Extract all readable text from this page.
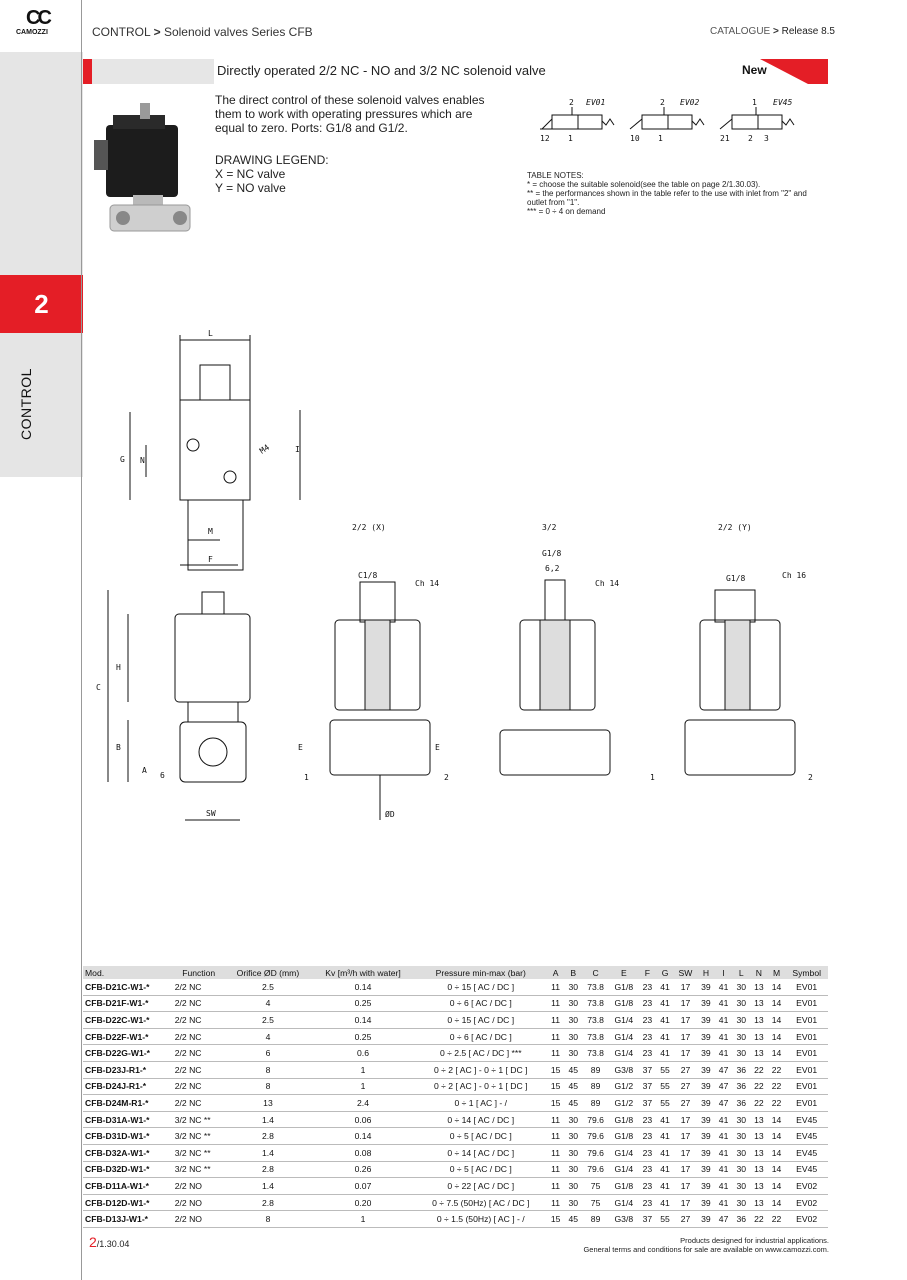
2
CONTROL
CC
CAMOZZI	CONTROL > Solenoid valves Series CFB	CATALOGUE > Release 8.5
Directly operated 2/2 NC - NO and 3/2 NC solenoid valve	New
The direct control of these solenoid valves enables them to work with operating pressures which are equal to zero. Ports: G1/8 and G1/2.
DRAWING LEGEND:
X = NC valve
Y = NO valve
2 EV01
12 1
2 EV02
10 1
1 EV45
21 2 3
TABLE NOTES:
* = choose the suitable solenoid(see the table on page 2/1.30.03).
** = the performances shown in the table refer to the use with inlet from "2" and outlet from "1".
*** = 0 ÷ 4 on demand
L
I
G N
M
F
M4
2/2 (X)	3/2	2/2 (Y)
C
H
B
A
6
SW
C1/8
Ch 14
1	2
E	E
ØD
G1/8
6,2
Ch 14
G1/8	Ch 16
1	2
Mod.	Function	Orifice ØD (mm)	Kv [m³/h with water]	Pressure min-max (bar)	A	B	C	E	F	G	SW	H	I	L	N	M	Symbol
CFB-D21C-W1-*	2/2 NC	2.5	0.14	0 ÷ 15 [ AC / DC ]	11	30	73.8	G1/8	23	41	17	39	41	30	13	14	EV01
CFB-D21F-W1-*	2/2 NC	4	0.25	0 ÷ 6 [ AC / DC ]	11	30	73.8	G1/8	23	41	17	39	41	30	13	14	EV01
CFB-D22C-W1-*	2/2 NC	2.5	0.14	0 ÷ 15 [ AC / DC ]	11	30	73.8	G1/4	23	41	17	39	41	30	13	14	EV01
CFB-D22F-W1-*	2/2 NC	4	0.25	0 ÷ 6 [ AC / DC ]	11	30	73.8	G1/4	23	41	17	39	41	30	13	14	EV01
CFB-D22G-W1-*	2/2 NC	6	0.6	0 ÷ 2.5 [ AC / DC ] ***	11	30	73.8	G1/4	23	41	17	39	41	30	13	14	EV01
CFB-D23J-R1-*	2/2 NC	8	1	0 ÷ 2 [ AC ] - 0 ÷ 1 [ DC ]	15	45	89	G3/8	37	55	27	39	47	36	22	22	EV01
CFB-D24J-R1-*	2/2 NC	8	1	0 ÷ 2 [ AC ] - 0 ÷ 1 [ DC ]	15	45	89	G1/2	37	55	27	39	47	36	22	22	EV01
CFB-D24M-R1-*	2/2 NC	13	2.4	0 ÷ 1 [ AC ] - /	15	45	89	G1/2	37	55	27	39	47	36	22	22	EV01
CFB-D31A-W1-*	3/2 NC **	1.4	0.06	0 ÷ 14 [ AC / DC ]	11	30	79.6	G1/8	23	41	17	39	41	30	13	14	EV45
CFB-D31D-W1-*	3/2 NC **	2.8	0.14	0 ÷ 5 [ AC / DC ]	11	30	79.6	G1/8	23	41	17	39	41	30	13	14	EV45
CFB-D32A-W1-*	3/2 NC **	1.4	0.08	0 ÷ 14 [ AC / DC ]	11	30	79.6	G1/4	23	41	17	39	41	30	13	14	EV45
CFB-D32D-W1-*	3/2 NC **	2.8	0.26	0 ÷ 5 [ AC / DC ]	11	30	79.6	G1/4	23	41	17	39	41	30	13	14	EV45
CFB-D11A-W1-*	2/2 NO	1.4	0.07	0 ÷ 22 [ AC / DC ]	11	30	75	G1/8	23	41	17	39	41	30	13	14	EV02
CFB-D12D-W1-*	2/2 NO	2.8	0.20	0 ÷ 7.5 (50Hz) [ AC / DC ]	11	30	75	G1/4	23	41	17	39	41	30	13	14	EV02
CFB-D13J-W1-*	2/2 NO	8	1	0 ÷ 1.5 (50Hz) [ AC ] - /	15	45	89	G3/8	37	55	27	39	47	36	22	22	EV02
2/1.30.04	Products designed for industrial applications.
General terms and conditions for sale are available on www.camozzi.com.
